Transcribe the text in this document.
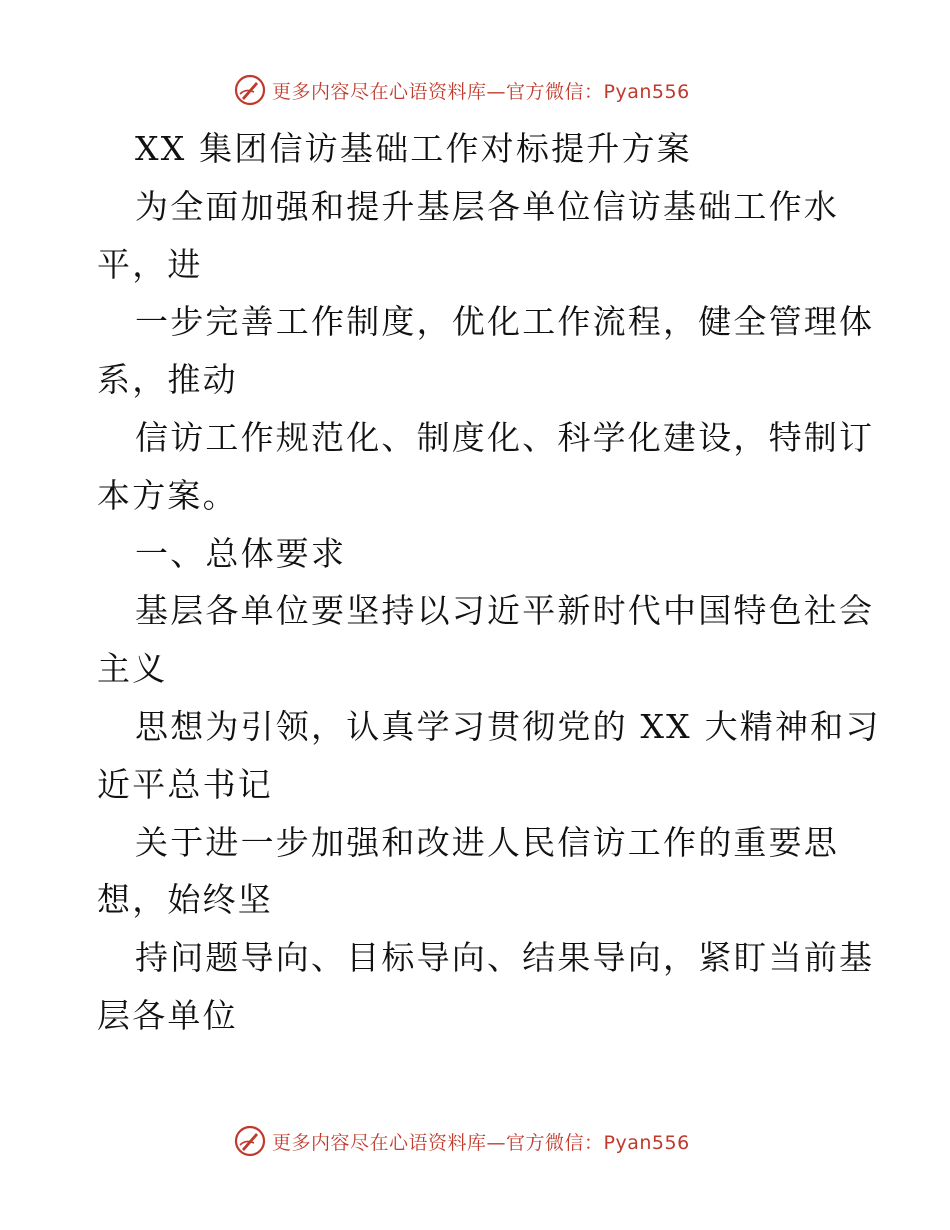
更多内容尽在心语资料库—官方微信：Pyan556
XX 集团信访基础工作对标提升方案
为全面加强和提升基层各单位信访基础工作水
平，进
一步完善工作制度，优化工作流程，健全管理体
系，推动
信访工作规范化、制度化、科学化建设，特制订
本方案。
一、总体要求
基层各单位要坚持以习近平新时代中国特色社会
主义
思想为引领，认真学习贯彻党的 XX 大精神和习
近平总书记
关于进一步加强和改进人民信访工作的重要思
想，始终坚
持问题导向、目标导向、结果导向，紧盯当前基
层各单位
更多内容尽在心语资料库—官方微信：Pyan556
